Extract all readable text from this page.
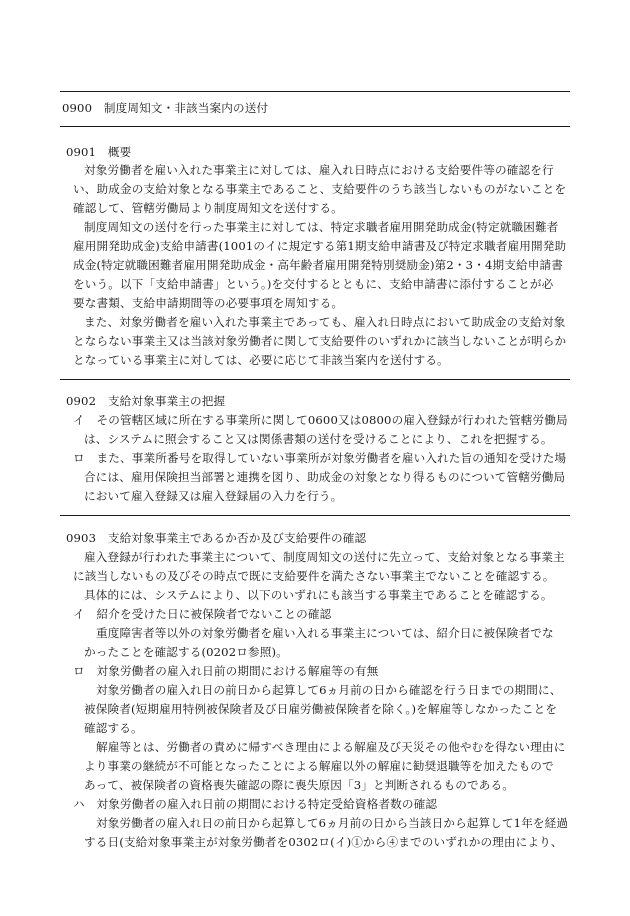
0900　制度周知文・非該当案内の送付
0901　概要
対象労働者を雇い入れた事業主に対しては、雇入れ日時点における支給要件等の確認を行
い、助成金の支給対象となる事業主であること、支給要件のうち該当しないものがないことを
確認して、管轄労働局より制度周知文を送付する。
制度周知文の送付を行った事業主に対しては、特定求職者雇用開発助成金(特定就職困難者
雇用開発助成金)支給申請書(1001のイに規定する第1期支給申請書及び特定求職者雇用開発助
成金(特定就職困難者雇用開発助成金・高年齢者雇用開発特別奨励金)第2・3・4期支給申請書
をいう。以下「支給申請書」という。)を交付するとともに、支給申請書に添付することが必
要な書類、支給申請期間等の必要事項を周知する。
また、対象労働者を雇い入れた事業主であっても、雇入れ日時点において助成金の支給対象
とならない事業主又は当該対象労働者に関して支給要件のいずれかに該当しないことが明らか
となっている事業主に対しては、必要に応じて非該当案内を送付する。
0902　支給対象事業主の把握
イ　その管轄区域に所在する事業所に関して0600又は0800の雇入登録が行われた管轄労働局
は、システムに照会すること又は関係書類の送付を受けることにより、これを把握する。
ロ　また、事業所番号を取得していない事業所が対象労働者を雇い入れた旨の通知を受けた場
合には、雇用保険担当部署と連携を図り、助成金の対象となり得るものについて管轄労働局
において雇入登録又は雇入登録届の入力を行う。
0903　支給対象事業主であるか否か及び支給要件の確認
雇入登録が行われた事業主について、制度周知文の送付に先立って、支給対象となる事業主
に該当しないもの及びその時点で既に支給要件を満たさない事業主でないことを確認する。
具体的には、システムにより、以下のいずれにも該当する事業主であることを確認する。
イ　紹介を受けた日に被保険者でないことの確認
重度障害者等以外の対象労働者を雇い入れる事業主については、紹介日に被保険者でな
かったことを確認する(0202ロ参照)。
ロ　対象労働者の雇入れ日前の期間における解雇等の有無
対象労働者の雇入れ日の前日から起算して6ヵ月前の日から確認を行う日までの期間に、
被保険者(短期雇用特例被保険者及び日雇労働被保険者を除く。)を解雇等しなかったことを
確認する。
解雇等とは、労働者の責めに帰すべき理由による解雇及び天災その他やむを得ない理由に
より事業の継続が不可能となったことによる解雇以外の解雇に勧奨退職等を加えたもので
あって、被保険者の資格喪失確認の際に喪失原因「3」と判断されるものである。
ハ　対象労働者の雇入れ日前の期間における特定受給資格者数の確認
対象労働者の雇入れ日の前日から起算して6ヵ月前の日から当該日から起算して1年を経過
する日(支給対象事業主が対象労働者を0302ロ(イ)①から④までのいずれかの理由により、
